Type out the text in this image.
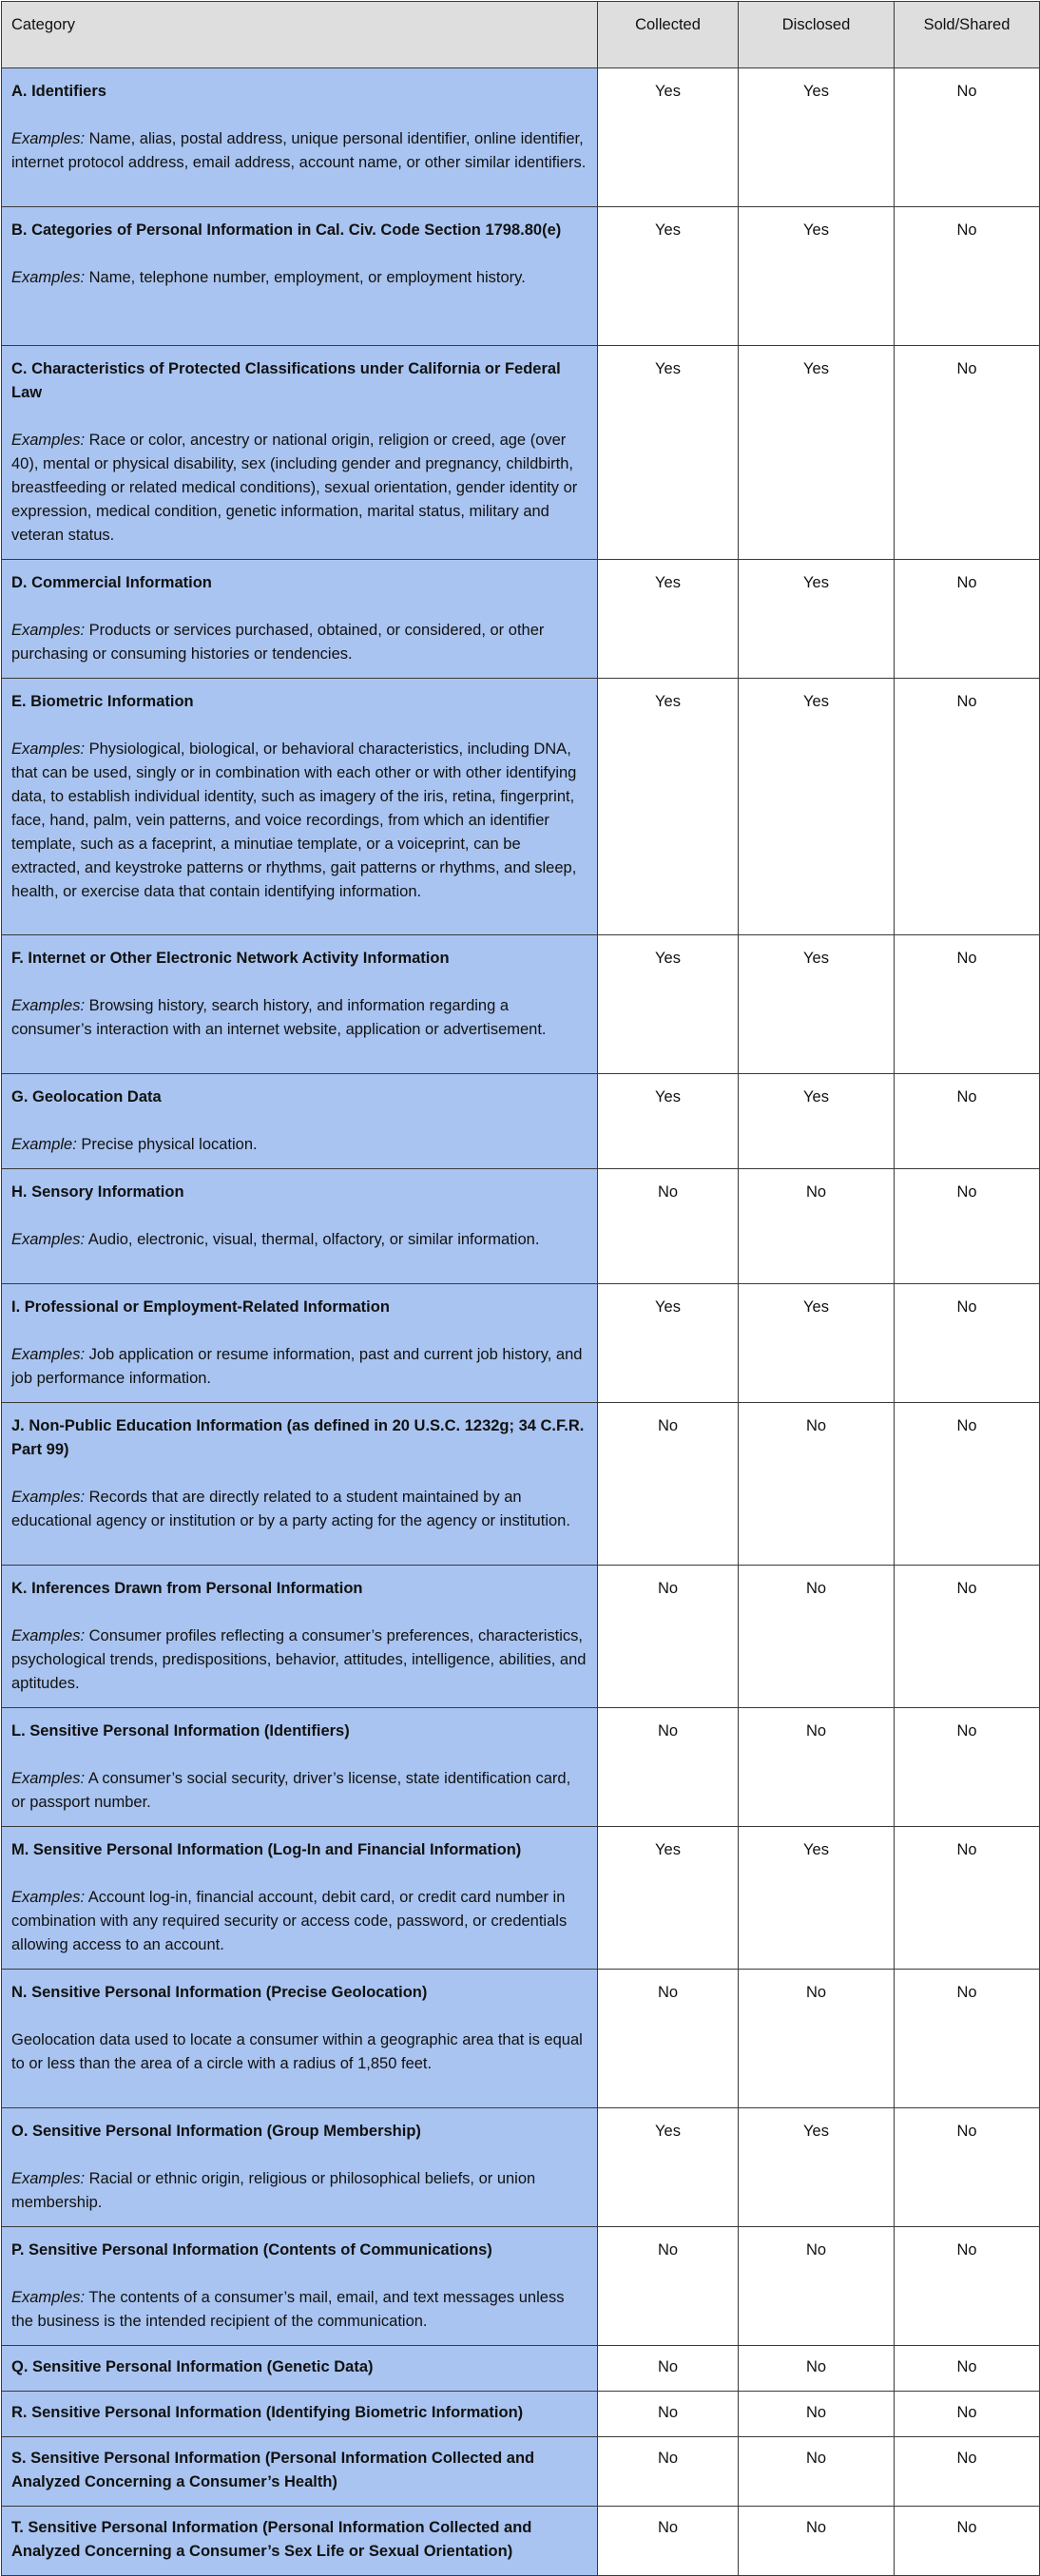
Category	Collected	Disclosed	Sold/Shared

A. Identifiers
Examples: Name, alias, postal address, unique personal identifier, online identifier, internet protocol address, email address, account name, or other similar identifiers.	Yes	Yes	No

B. Categories of Personal Information in Cal. Civ. Code Section 1798.80(e)
Examples: Name, telephone number, employment, or employment history.	Yes	Yes	No

C. Characteristics of Protected Classifications under California or Federal Law
Examples: Race or color, ancestry or national origin, religion or creed, age (over 40), mental or physical disability, sex (including gender and pregnancy, childbirth, breastfeeding or related medical conditions), sexual orientation, gender identity or expression, medical condition, genetic information, marital status, military and veteran status.	Yes	Yes	No

D. Commercial Information
Examples: Products or services purchased, obtained, or considered, or other purchasing or consuming histories or tendencies.	Yes	Yes	No

E. Biometric Information
Examples: Physiological, biological, or behavioral characteristics, including DNA, that can be used, singly or in combination with each other or with other identifying data, to establish individual identity, such as imagery of the iris, retina, fingerprint, face, hand, palm, vein patterns, and voice recordings, from which an identifier template, such as a faceprint, a minutiae template, or a voiceprint, can be extracted, and keystroke patterns or rhythms, gait patterns or rhythms, and sleep, health, or exercise data that contain identifying information.	Yes	Yes	No

F. Internet or Other Electronic Network Activity Information
Examples: Browsing history, search history, and information regarding a consumer’s interaction with an internet website, application or advertisement.	Yes	Yes	No

G. Geolocation Data
Example: Precise physical location.	Yes	Yes	No

H. Sensory Information
Examples: Audio, electronic, visual, thermal, olfactory, or similar information.	No	No	No

I. Professional or Employment-Related Information
Examples: Job application or resume information, past and current job history, and job performance information.	Yes	Yes	No

J. Non-Public Education Information (as defined in 20 U.S.C. 1232g; 34 C.F.R. Part 99)
Examples: Records that are directly related to a student maintained by an educational agency or institution or by a party acting for the agency or institution.	No	No	No

K. Inferences Drawn from Personal Information
Examples: Consumer profiles reflecting a consumer’s preferences, characteristics, psychological trends, predispositions, behavior, attitudes, intelligence, abilities, and aptitudes.	No	No	No

L. Sensitive Personal Information (Identifiers)
Examples: A consumer’s social security, driver’s license, state identification card, or passport number.	No	No	No

M. Sensitive Personal Information (Log-In and Financial Information)
Examples: Account log-in, financial account, debit card, or credit card number in combination with any required security or access code, password, or credentials allowing access to an account.	Yes	Yes	No

N. Sensitive Personal Information (Precise Geolocation)
Geolocation data used to locate a consumer within a geographic area that is equal to or less than the area of a circle with a radius of 1,850 feet.	No	No	No

O. Sensitive Personal Information (Group Membership)
Examples: Racial or ethnic origin, religious or philosophical beliefs, or union membership.	Yes	Yes	No

P. Sensitive Personal Information (Contents of Communications)
Examples: The contents of a consumer’s mail, email, and text messages unless the business is the intended recipient of the communication.	No	No	No

Q. Sensitive Personal Information (Genetic Data)	No	No	No

R. Sensitive Personal Information (Identifying Biometric Information)	No	No	No

S. Sensitive Personal Information (Personal Information Collected and Analyzed Concerning a Consumer’s Health)	No	No	No

T. Sensitive Personal Information (Personal Information Collected and Analyzed Concerning a Consumer’s Sex Life or Sexual Orientation)	No	No	No
